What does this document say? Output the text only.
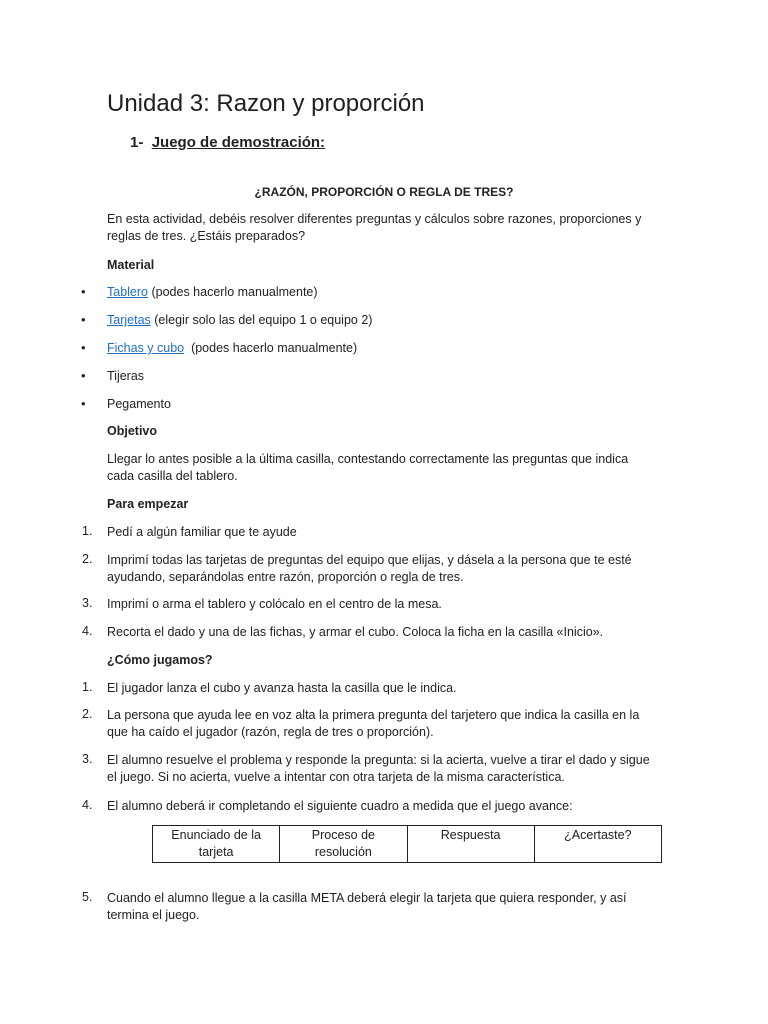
Unidad 3: Razon y proporción
1- Juego de demostración:
¿RAZÓN, PROPORCIÓN O REGLA DE TRES?
En esta actividad, debéis resolver diferentes preguntas y cálculos sobre razones, proporciones y reglas de tres. ¿Estáis preparados?
Material
• Tablero (podes hacerlo manualmente)
• Tarjetas (elegir solo las del equipo 1 o equipo 2)
• Fichas y cubo  (podes hacerlo manualmente)
• Tijeras
• Pegamento
Objetivo
Llegar lo antes posible a la última casilla, contestando correctamente las preguntas que indica cada casilla del tablero.
Para empezar
1. Pedí a algún familiar que te ayude
2. Imprimí todas las tarjetas de preguntas del equipo que elijas, y dásela a la persona que te esté ayudando, separándolas entre razón, proporción o regla de tres.
3. Imprimí o arma el tablero y colócalo en el centro de la mesa.
4. Recorta el dado y una de las fichas, y armar el cubo. Coloca la ficha en la casilla «Inicio».
¿Cómo jugamos?
1. El jugador lanza el cubo y avanza hasta la casilla que le indica.
2. La persona que ayuda lee en voz alta la primera pregunta del tarjetero que indica la casilla en la que ha caído el jugador (razón, regla de tres o proporción).
3. El alumno resuelve el problema y responde la pregunta: si la acierta, vuelve a tirar el dado y sigue el juego. Si no acierta, vuelve a intentar con otra tarjeta de la misma característica.
4. El alumno deberá ir completando el siguiente cuadro a medida que el juego avance:
Enunciado de la tarjeta	Proceso de resolución	Respuesta	¿Acertaste?
5. Cuando el alumno llegue a la casilla META deberá elegir la tarjeta que quiera responder, y así termina el juego.
